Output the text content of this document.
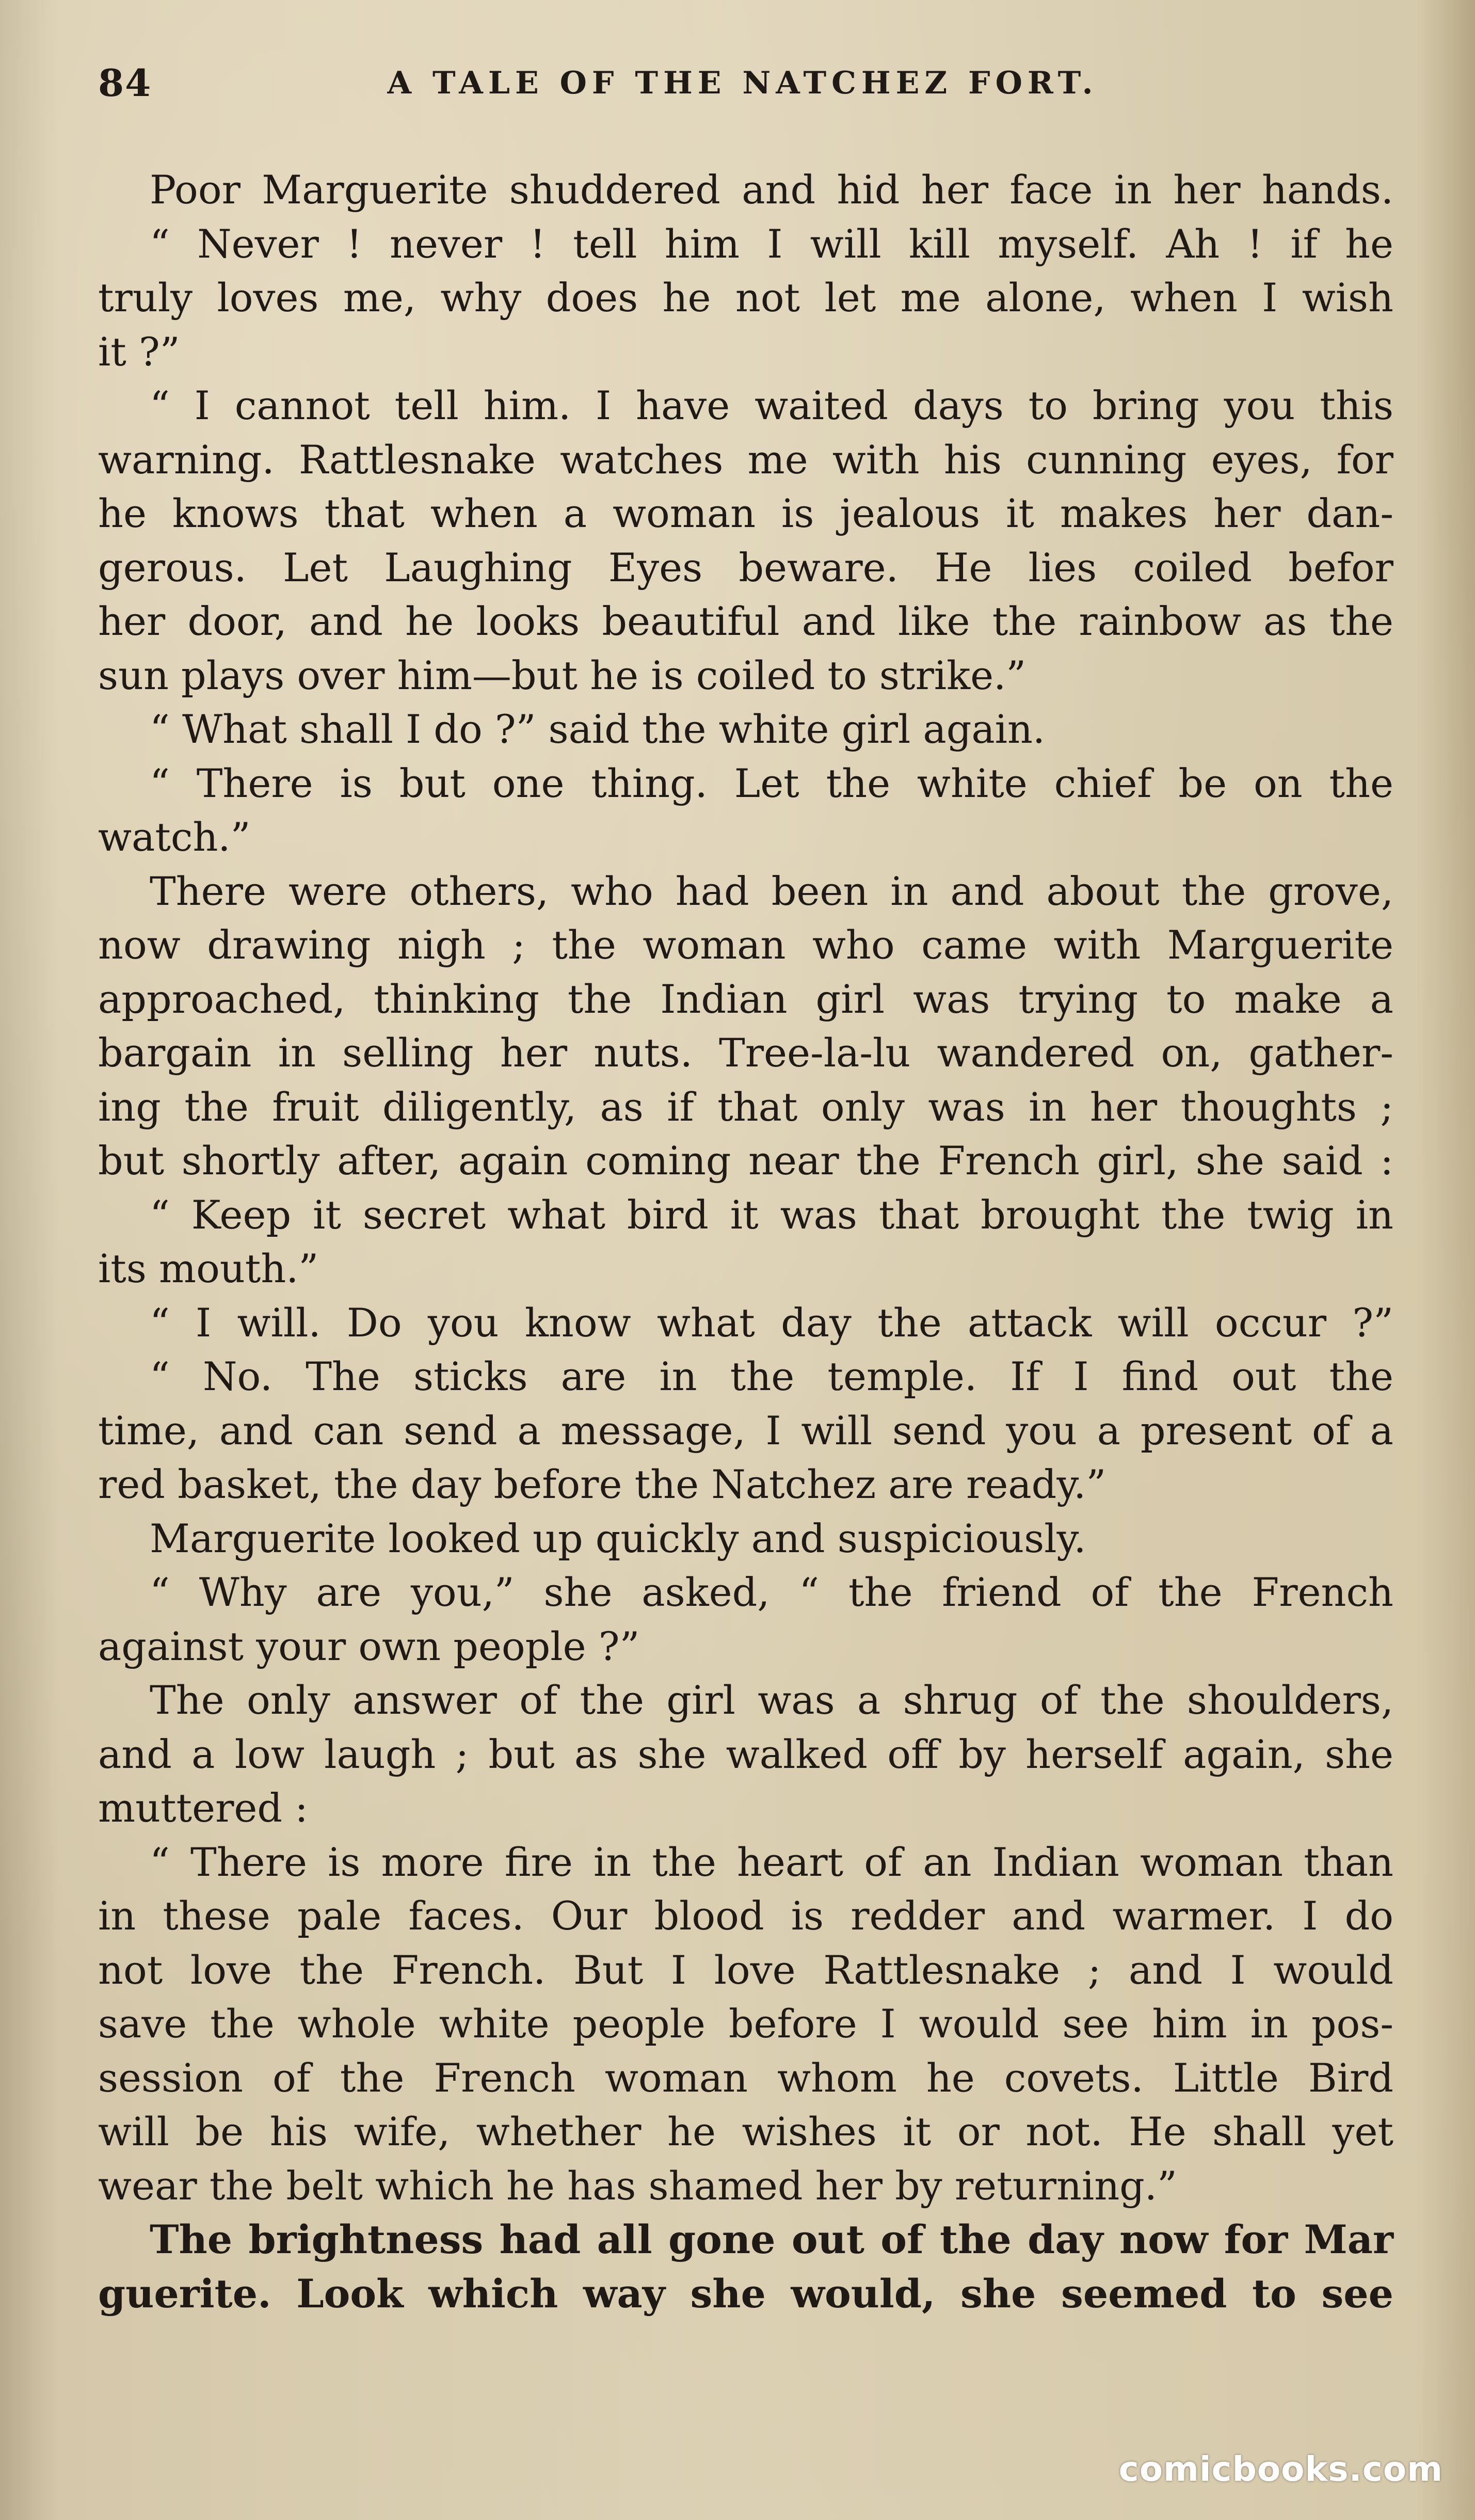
84	A TALE OF THE NATCHEZ FORT.
Poor Marguerite shuddered and hid her face in her hands.
“ Never ! never ! tell him I will kill myself. Ah ! if he
truly loves me, why does he not let me alone, when I wish
it ?”
“ I cannot tell him. I have waited days to bring you this
warning. Rattlesnake watches me with his cunning eyes, for
he knows that when a woman is jealous it makes her dan-
gerous. Let Laughing Eyes beware. He lies coiled befor
her door, and he looks beautiful and like the rainbow as the
sun plays over him—but he is coiled to strike.”
“ What shall I do ?” said the white girl again.
“ There is but one thing. Let the white chief be on the
watch.”
There were others, who had been in and about the grove,
now drawing nigh ; the woman who came with Marguerite
approached, thinking the Indian girl was trying to make a
bargain in selling her nuts. Tree-la-lu wandered on, gather-
ing the fruit diligently, as if that only was in her thoughts ;
but shortly after, again coming near the French girl, she said :
“ Keep it secret what bird it was that brought the twig in
its mouth.”
“ I will. Do you know what day the attack will occur ?”
“ No. The sticks are in the temple. If I find out the
time, and can send a message, I will send you a present of a
red basket, the day before the Natchez are ready.”
Marguerite looked up quickly and suspiciously.
“ Why are you,” she asked, “ the friend of the French
against your own people ?”
The only answer of the girl was a shrug of the shoulders,
and a low laugh ; but as she walked off by herself again, she
muttered :
“ There is more fire in the heart of an Indian woman than
in these pale faces. Our blood is redder and warmer. I do
not love the French. But I love Rattlesnake ; and I would
save the whole white people before I would see him in pos-
session of the French woman whom he covets. Little Bird
will be his wife, whether he wishes it or not. He shall yet
wear the belt which he has shamed her by returning.”
The brightness had all gone out of the day now for Mar
guerite. Look which way she would, she seemed to see
comicbooks.com
